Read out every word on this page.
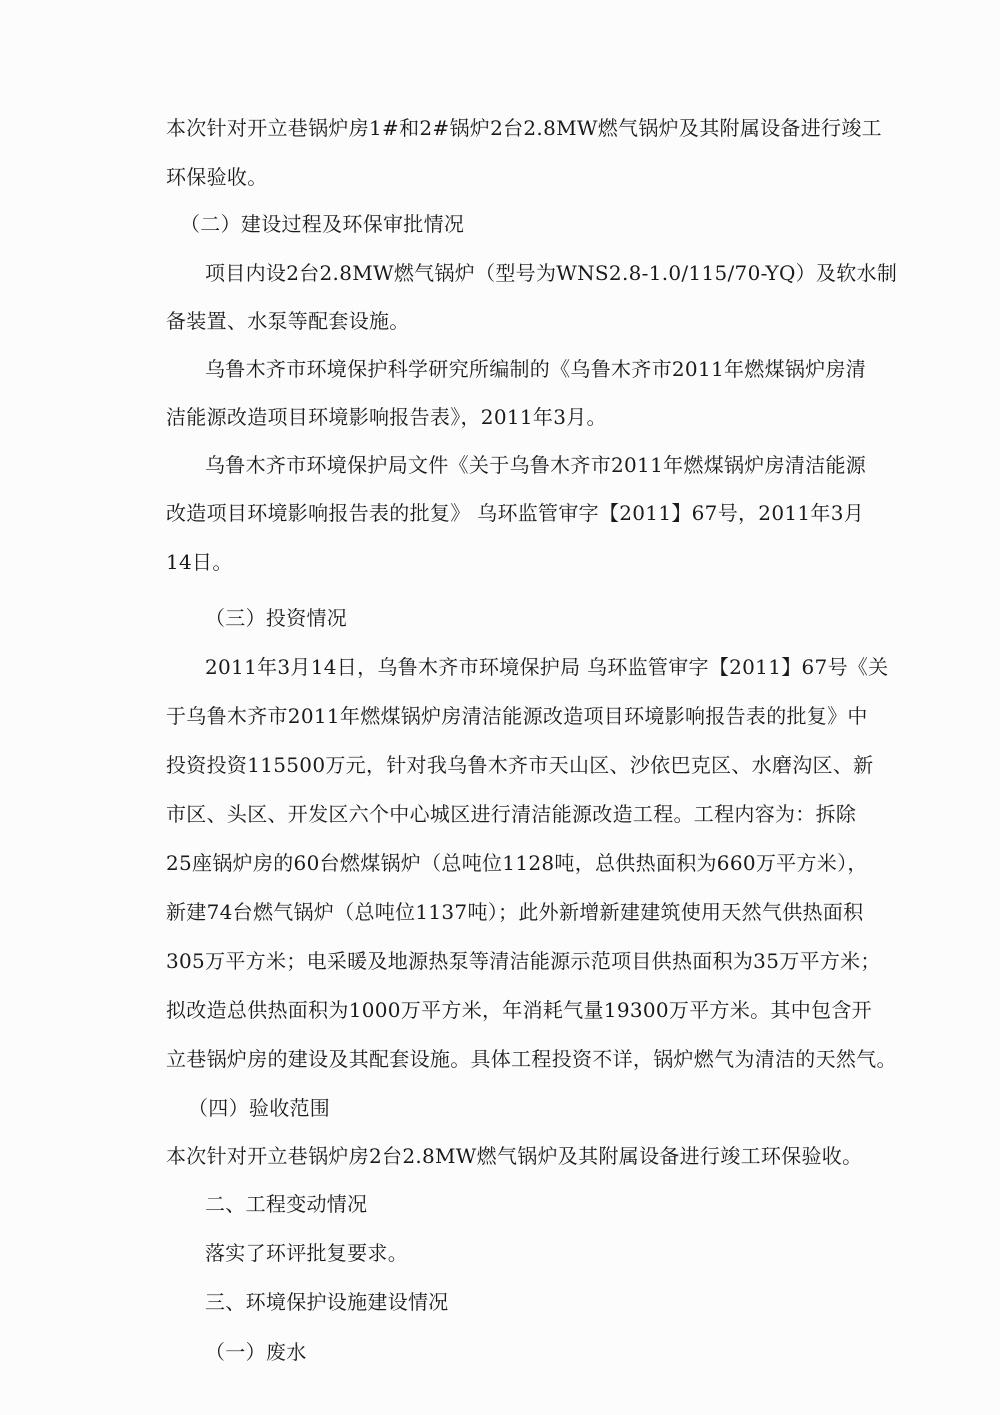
本次针对开立巷锅炉房1#和2#锅炉2台2.8MW燃气锅炉及其附属设备进行竣工
环保验收。
（二）建设过程及环保审批情况
项目内设2台2.8MW燃气锅炉（型号为WNS2.8-1.0/115/70-YQ）及软水制
备装置、水泵等配套设施。
乌鲁木齐市环境保护科学研究所编制的《乌鲁木齐市2011年燃煤锅炉房清
洁能源改造项目环境影响报告表》，2011年3月。
乌鲁木齐市环境保护局文件《关于乌鲁木齐市2011年燃煤锅炉房清洁能源
改造项目环境影响报告表的批复》 乌环监管审字【2011】67号，2011年3月
14日。
（三）投资情况
2011年3月14日，乌鲁木齐市环境保护局 乌环监管审字【2011】67号《关
于乌鲁木齐市2011年燃煤锅炉房清洁能源改造项目环境影响报告表的批复》中
投资投资115500万元，针对我乌鲁木齐市天山区、沙依巴克区、水磨沟区、新
市区、头区、开发区六个中心城区进行清洁能源改造工程。工程内容为：拆除
25座锅炉房的60台燃煤锅炉（总吨位1128吨，总供热面积为660万平方米），
新建74台燃气锅炉（总吨位1137吨）；此外新增新建建筑使用天然气供热面积
305万平方米；电采暖及地源热泵等清洁能源示范项目供热面积为35万平方米；
拟改造总供热面积为1000万平方米，年消耗气量19300万平方米。其中包含开
立巷锅炉房的建设及其配套设施。具体工程投资不详，锅炉燃气为清洁的天然气。
（四）验收范围
本次针对开立巷锅炉房2台2.8MW燃气锅炉及其附属设备进行竣工环保验收。
二、工程变动情况
落实了环评批复要求。
三、环境保护设施建设情况
（一）废水
